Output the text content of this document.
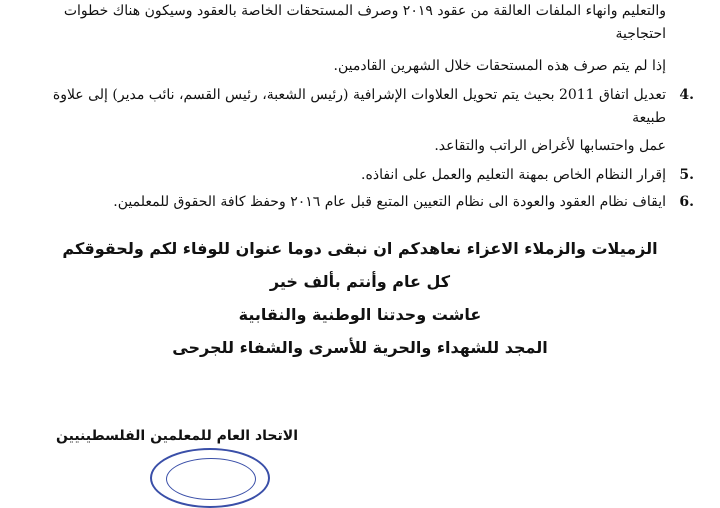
والتعليم وانهاء الملفات العالقة من عقود ٢٠١٩ وصرف المستحقات الخاصة بالعقود وسيكون هناك خطوات احتجاجية
إذا لم يتم صرف هذه المستحقات خلال الشهرين القادمين.
.4
تعديل اتفاق 2011 بحيث يتم تحويل العلاوات الإشرافية (رئيس الشعبة، رئيس القسم، نائب مدير) إلى علاوة طبيعة
عمل واحتسابها لأغراض الراتب والتقاعد.
.5
إقرار النظام الخاص بمهنة التعليم والعمل على انفاذه.
.6
ايقاف نظام العقود والعودة الى نظام التعيين المتبع قبل عام ٢٠١٦ وحفظ كافة الحقوق للمعلمين.
الزميلات والزملاء الاعزاء نعاهدكم ان نبقى دوما عنوان للوفاء لكم ولحقوقكم
كل عام وأنتم بألف خير
عاشت وحدتنا الوطنية والنقابية
المجد للشهداء والحرية للأسرى والشفاء للجرحى
الاتحاد العام للمعلمين الفلسطينيين
